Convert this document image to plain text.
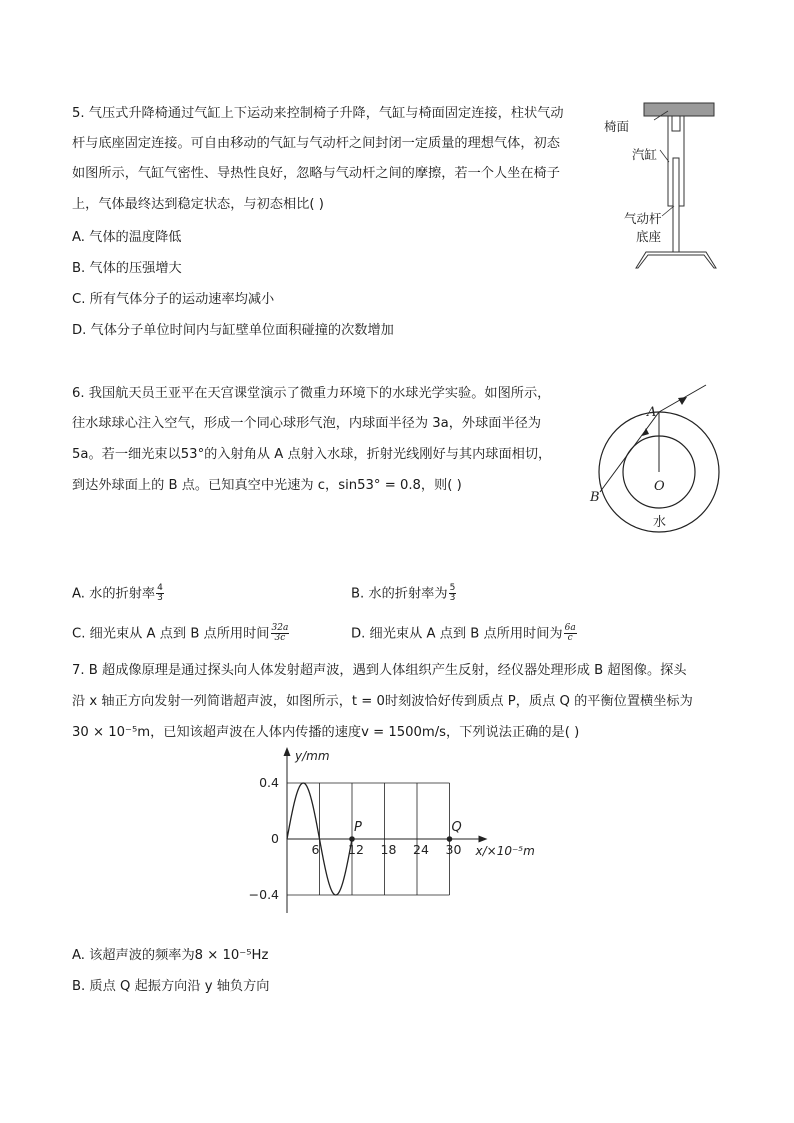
5. 气压式升降椅通过气缸上下运动来控制椅子升降，气缸与椅面固定连接，柱状气动
杆与底座固定连接。可自由移动的气缸与气动杆之间封闭一定质量的理想气体，初态
如图所示，气缸气密性、导热性良好，忽略与气动杆之间的摩擦，若一个人坐在椅子
上，气体最终达到稳定状态，与初态相比( )
A. 气体的温度降低
B. 气体的压强增大
C. 所有气体分子的运动速率均减小
D. 气体分子单位时间内与缸壁单位面积碰撞的次数增加
椅面
汽缸
气动杆
底座
6. 我国航天员王亚平在天宫课堂演示了微重力环境下的水球光学实验。如图所示，
往水球球心注入空气，形成一个同心球形气泡，内球面半径为 3a，外球面半径为
5a。若一细光束以53°的入射角从 A 点射入水球，折射光线刚好与其内球面相切，
到达外球面上的 B 点。已知真空中光速为 c，sin53° = 0.8，则( )
A. 水的折射率 $\frac{4}{3}$	B. 水的折射率为 $\frac{5}{3}$
C. 细光束从 A 点到 B 点所用时间 $\frac{32a}{3c}$	D. 细光束从 A 点到 B 点所用时间为 $\frac{6a}{c}$
A
B
O
水
7. B 超成像原理是通过探头向人体发射超声波，遇到人体组织产生反射，经仪器处理形成 B 超图像。探头
沿 x 轴正方向发射一列简谐超声波，如图所示，t = 0时刻波恰好传到质点 P，质点 Q 的平衡位置横坐标为
30 × 10⁻⁵m，已知该超声波在人体内传播的速度v = 1500m/s，下列说法正确的是( )
A. 该超声波的频率为8 × 10⁻⁵Hz
B. 质点 Q 起振方向沿 y 轴负方向
6 12 18 24 30
0.4
0
−0.4
P	Q
y/mm
x/×10⁻⁵m
